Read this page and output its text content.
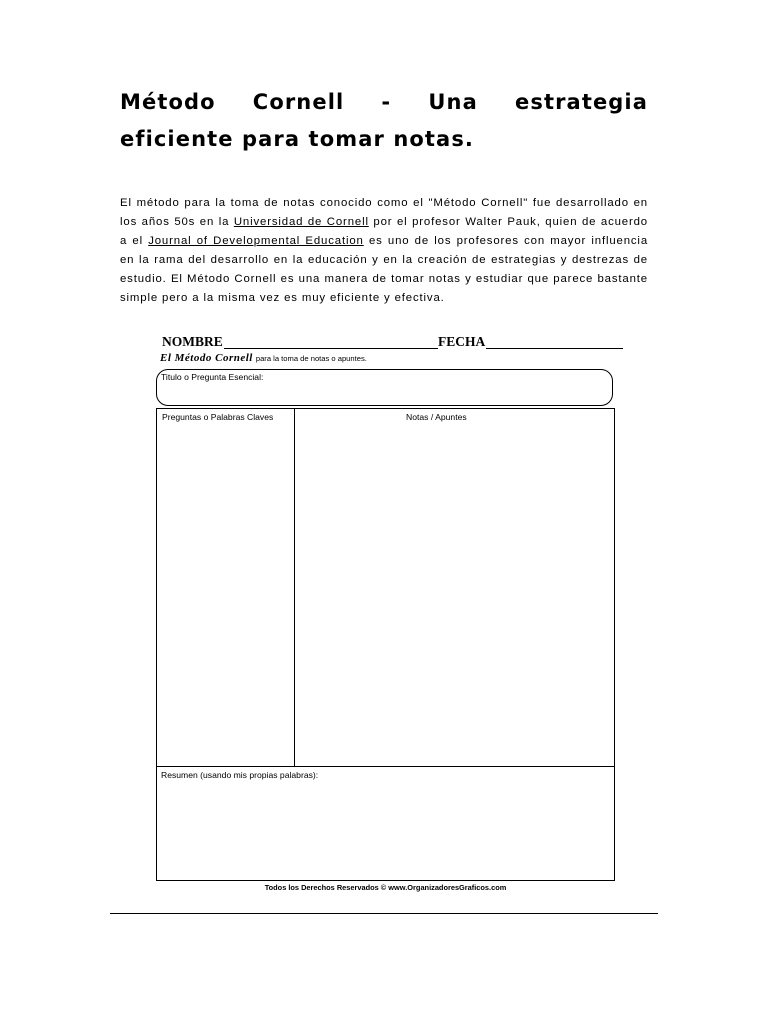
Método Cornell - Una estrategia eficiente para tomar notas.

El método para la toma de notas conocido como el "Método Cornell" fue desarrollado en los años 50s en la Universidad de Cornell por el profesor Walter Pauk, quien de acuerdo a el Journal of Developmental Education es uno de los profesores con mayor influencia en la rama del desarrollo en la educación y en la creación de estrategias y destrezas de estudio. El Método Cornell es una manera de tomar notas y estudiar que parece bastante simple pero a la misma vez es muy eficiente y efectiva.

NOMBRE	FECHA
El Método Cornell para la toma de notas o apuntes.
Titulo o Pregunta Esencial:
Preguntas o Palabras Claves	Notas / Apuntes
Resumen (usando mis propias palabras):
Todos los Derechos Reservados © www.OrganizadoresGraficos.com
